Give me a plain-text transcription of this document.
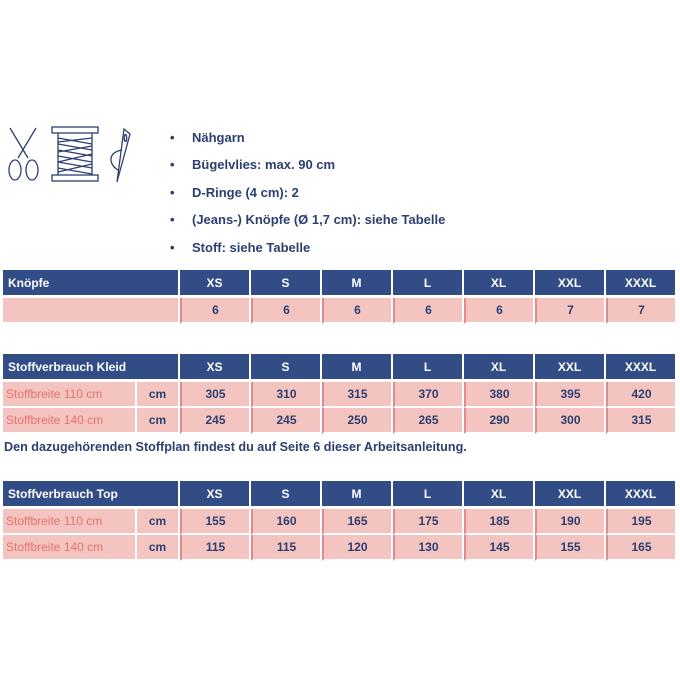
• Nähgarn
• Bügelvlies: max. 90 cm
• D-Ringe (4 cm): 2
• (Jeans-) Knöpfe (Ø 1,7 cm): siehe Tabelle
• Stoff: siehe Tabelle
Knöpfe	XS	S	M	L	XL	XXL	XXXL
	6	6	6	6	6	7	7
Stoffverbrauch Kleid		XS	S	M	L	XL	XXL	XXXL
Stoffbreite 110 cm	cm	305	310	315	370	380	395	420
Stoffbreite 140 cm	cm	245	245	250	265	290	300	315
Den dazugehörenden Stoffplan findest du auf Seite 6 dieser Arbeitsanleitung.
Stoffverbrauch Top		XS	S	M	L	XL	XXL	XXXL
Stoffbreite 110 cm	cm	155	160	165	175	185	190	195
Stoffbreite 140 cm	cm	115	115	120	130	145	155	165
